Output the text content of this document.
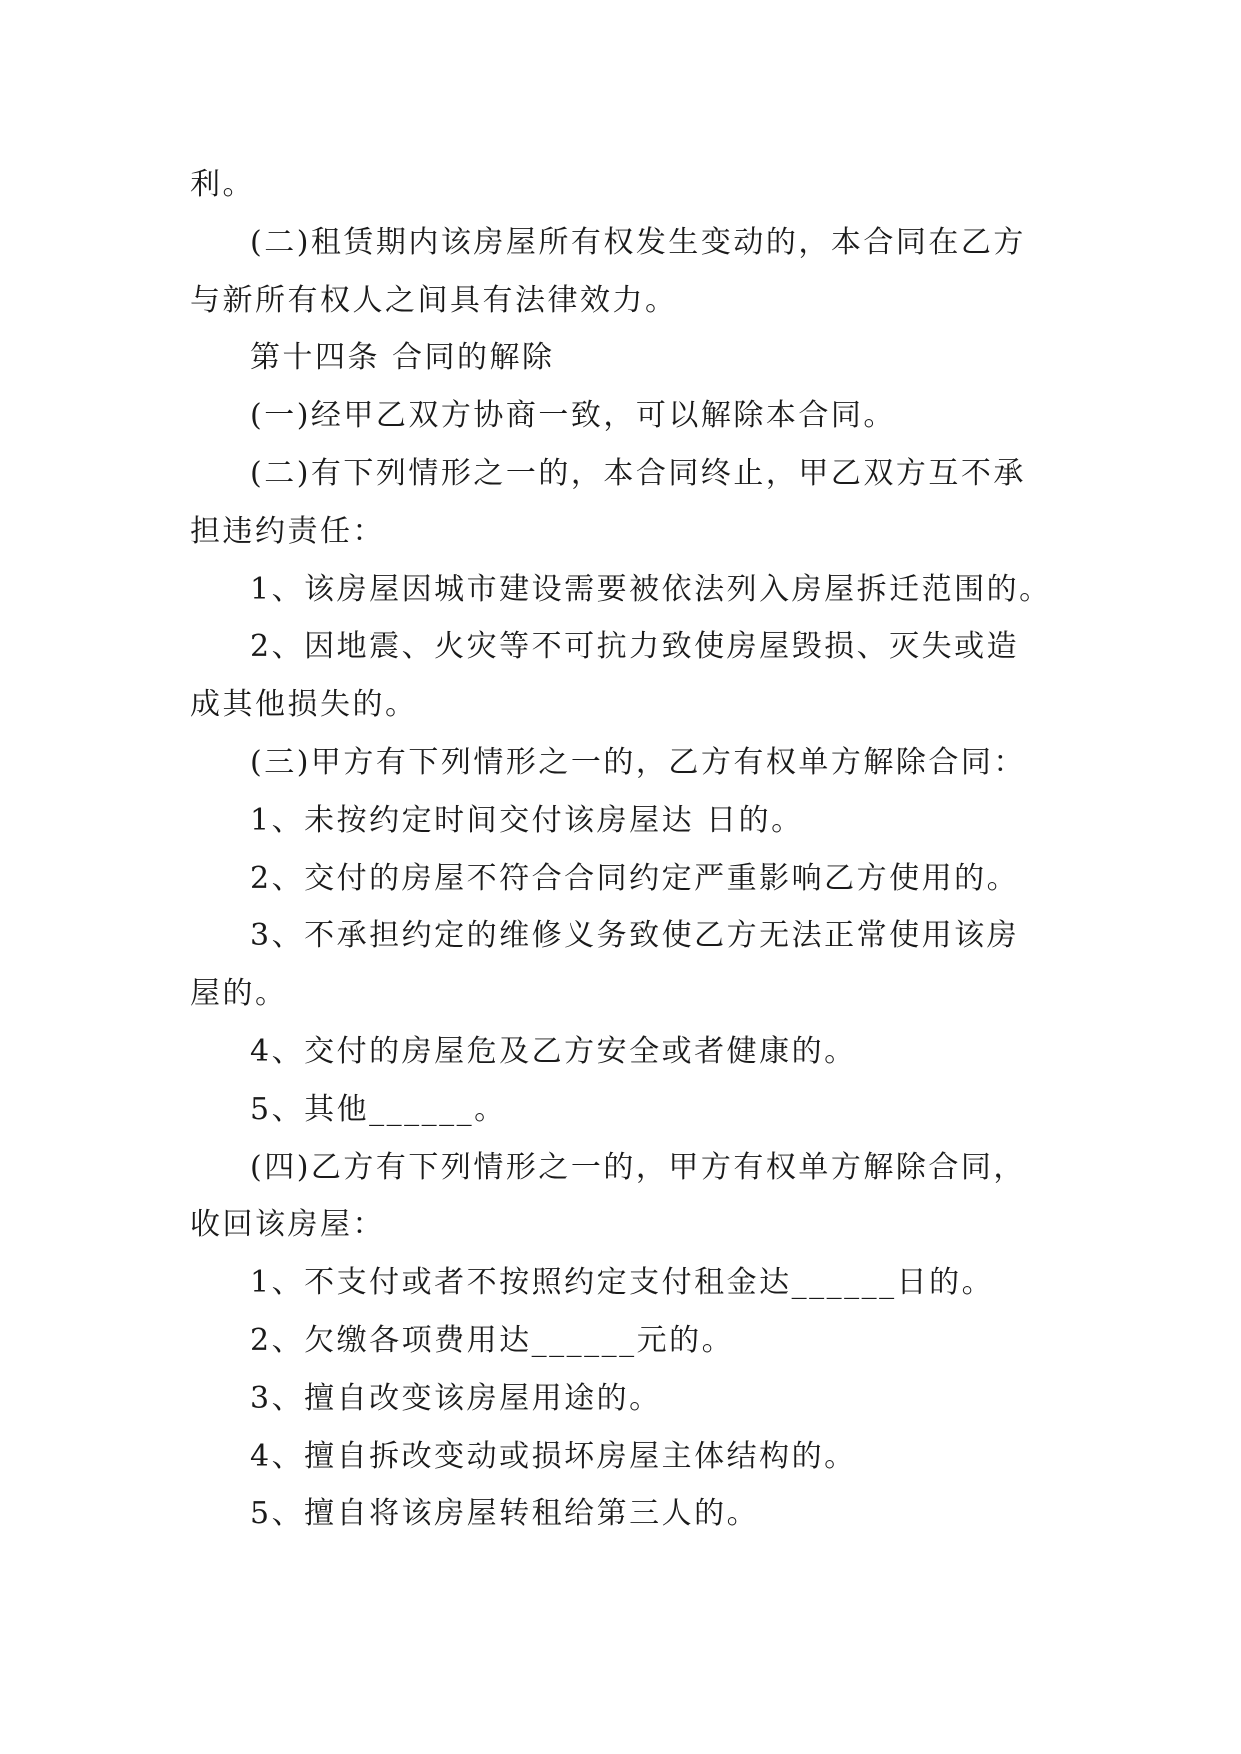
利。
(二)租赁期内该房屋所有权发生变动的，本合同在乙方
与新所有权人之间具有法律效力。
第十四条 合同的解除
(一)经甲乙双方协商一致，可以解除本合同。
(二)有下列情形之一的，本合同终止，甲乙双方互不承
担违约责任：
1、该房屋因城市建设需要被依法列入房屋拆迁范围的。
2、因地震、火灾等不可抗力致使房屋毁损、灭失或造
成其他损失的。
(三)甲方有下列情形之一的，乙方有权单方解除合同：
1、未按约定时间交付该房屋达 日的。
2、交付的房屋不符合合同约定严重影响乙方使用的。
3、不承担约定的维修义务致使乙方无法正常使用该房
屋的。
4、交付的房屋危及乙方安全或者健康的。
5、其他______。
(四)乙方有下列情形之一的，甲方有权单方解除合同，
收回该房屋：
1、不支付或者不按照约定支付租金达______日的。
2、欠缴各项费用达______元的。
3、擅自改变该房屋用途的。
4、擅自拆改变动或损坏房屋主体结构的。
5、擅自将该房屋转租给第三人的。
